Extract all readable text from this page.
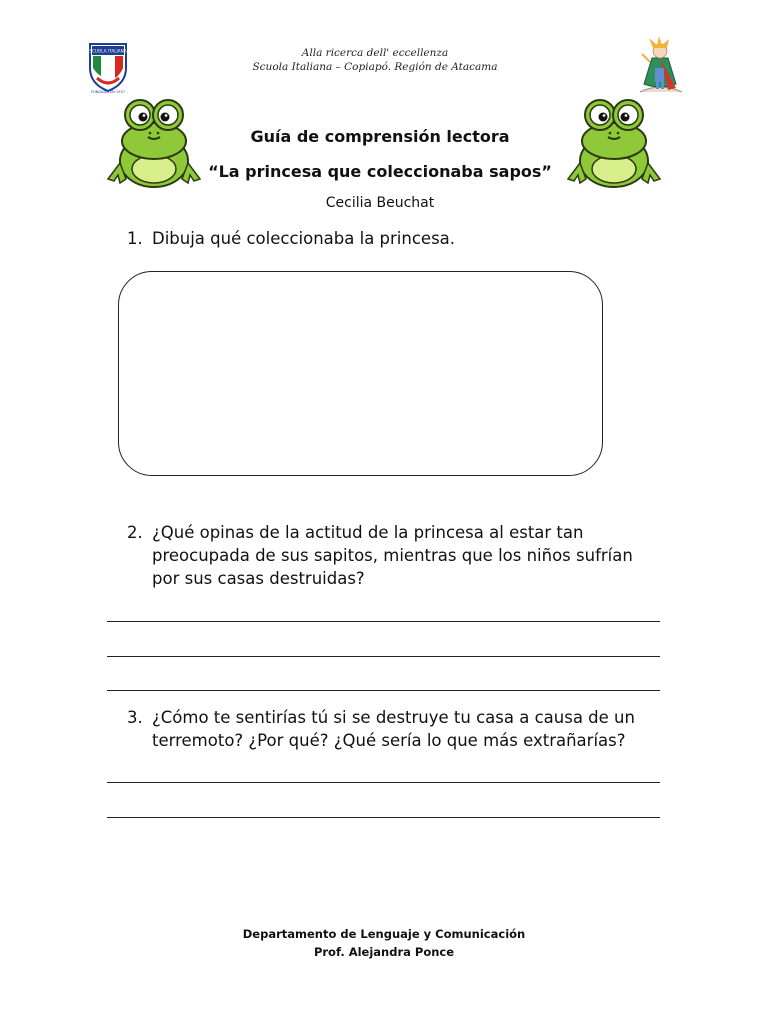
SCUOLA ITALIANA
FUNDADA EN 1957
Alla ricerca dell' eccellenza
Scuola Italiana – Copiapó. Región de Atacama
Guía de comprensión lectora
“La princesa que coleccionaba sapos”
Cecilia Beuchat
1. Dibuja qué coleccionaba la princesa.
2. ¿Qué opinas de la actitud de la princesa al estar tan preocupada de sus sapitos, mientras que los niños sufrían por sus casas destruidas?
3. ¿Cómo te sentirías tú si se destruye tu casa a causa de un terremoto? ¿Por qué? ¿Qué sería lo que más extrañarías?
Departamento de Lenguaje y Comunicación
Prof. Alejandra Ponce
